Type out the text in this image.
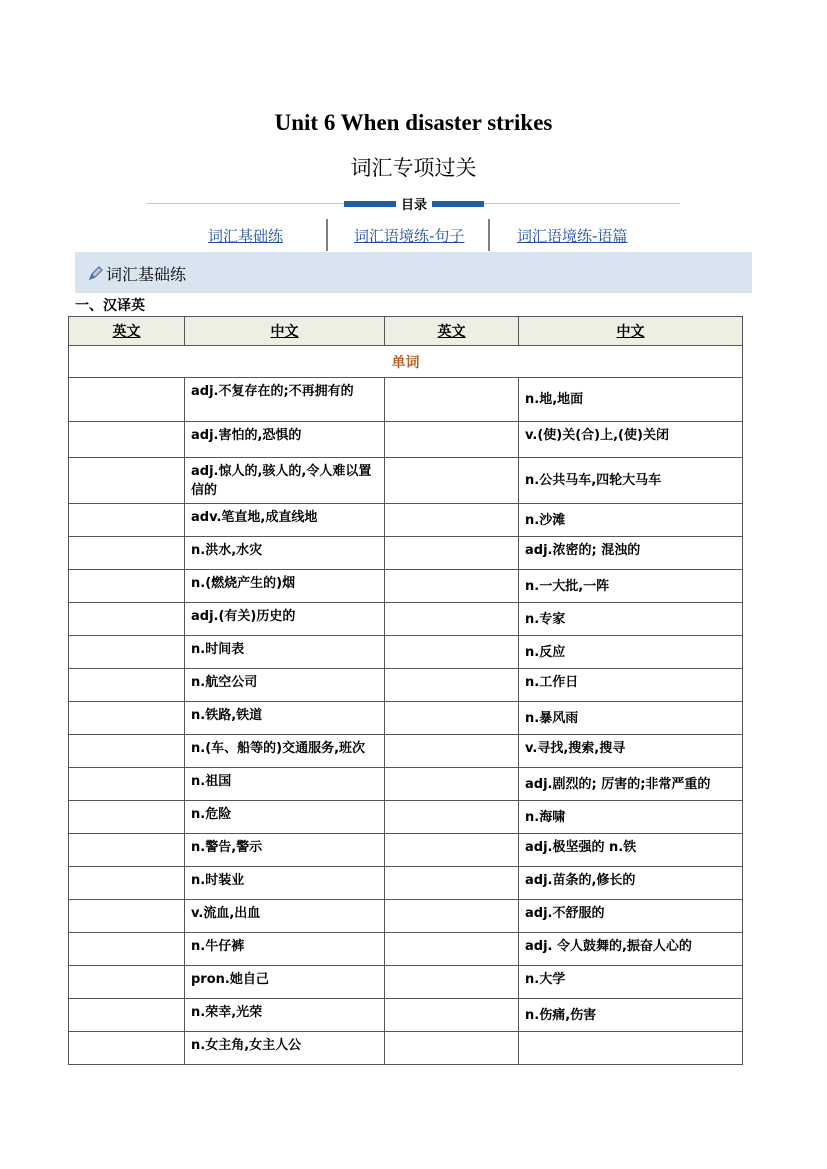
Unit 6 When disaster strikes
词汇专项过关
目录
词汇基础练	词汇语境练-句子	词汇语境练-语篇
词汇基础练
一、汉译英
英文	中文	英文	中文
单词			
	adj.不复存在的;不再拥有的		n.地,地面
	adj.害怕的,恐惧的		v.(使)关(合)上,(使)关闭
	adj.惊人的,骇人的,令人难以置信的		n.公共马车,四轮大马车
	adv.笔直地,成直线地		n.沙滩
	n.洪水,水灾		adj.浓密的; 混浊的
	n.(燃烧产生的)烟		n.一大批,一阵
	adj.(有关)历史的		n.专家
	n.时间表		n.反应
	n.航空公司		n.工作日
	n.铁路,铁道		n.暴风雨
	n.(车、船等的)交通服务,班次		v.寻找,搜索,搜寻
	n.祖国		adj.剧烈的; 厉害的;非常严重的
	n.危险		n.海啸
	n.警告,警示		adj.极坚强的 n.铁
	n.时装业		adj.苗条的,修长的
	v.流血,出血		adj.不舒服的
	n.牛仔裤		adj. 令人鼓舞的,振奋人心的
	pron.她自己		n.大学
	n.荣幸,光荣		n.伤痛,伤害
	n.女主角,女主人公		
